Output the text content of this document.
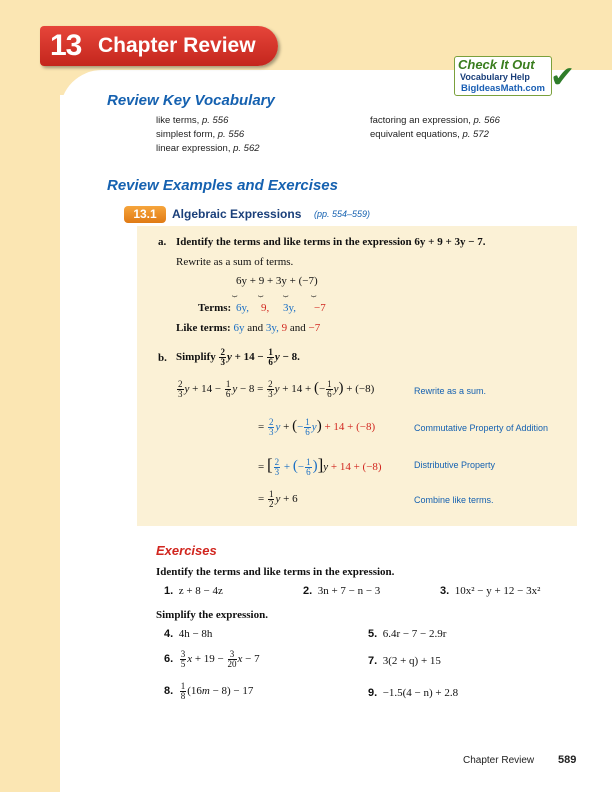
13 Chapter Review
Check It Out
Vocabulary Help
BigIdeasMath.com ✔
Review Key Vocabulary
like terms, p. 556
simplest form, p. 556
linear expression, p. 562
factoring an expression, p. 566
equivalent equations, p. 572
Review Examples and Exercises
13.1	Algebraic Expressions (pp. 554–559)
a. Identify the terms and like terms in the expression 6y + 9 + 3y − 7.
Rewrite as a sum of terms.
6y + 9 + 3y + (−7)
⏟ ⏟ ⏟	⏟
Terms: 6y, 9, 3y, −7
Like terms: 6y and 3y, 9 and −7
b. Simplify $\frac{2}{3}$ $y + 14 - \frac{1}{6}$ y − 8.
$\frac{2}{3}$ $y + 14 - \frac{1}{6}$ $y - 8 = \frac{2}{3}$ y + 14 + (− $\frac{1}{6} y) + (-8)$	Rewrite as a sum.
= $\frac{2}{3}$ y + (− $\frac{1}{6} y) + 14 + (-8)$	Commutative Property of Addition
= [ $\frac{2}{3}$ + (− $\frac{1}{6} )]y + 14 + (-8)$	Distributive Property
= $\frac{1}{2}$ y + 6	Combine like terms.
Exercises
Identify the terms and like terms in the expression.
1. z + 8 − 4z	2. 3n + 7 − n − 3	3. 10x² − y + 12 − 3x²
Simplify the expression.
4. 4h − 8h	5. 6.4r − 7 − 2.9r
6. $\frac{3}{5}$ $x + 19 - \frac{3}{20}$ x − 7	7. 3(2 + q) + 15
8. $\frac{1}{8} (16m - 8) - 17$	9. −1.5(4 − n) + 2.8
Chapter Review 589
